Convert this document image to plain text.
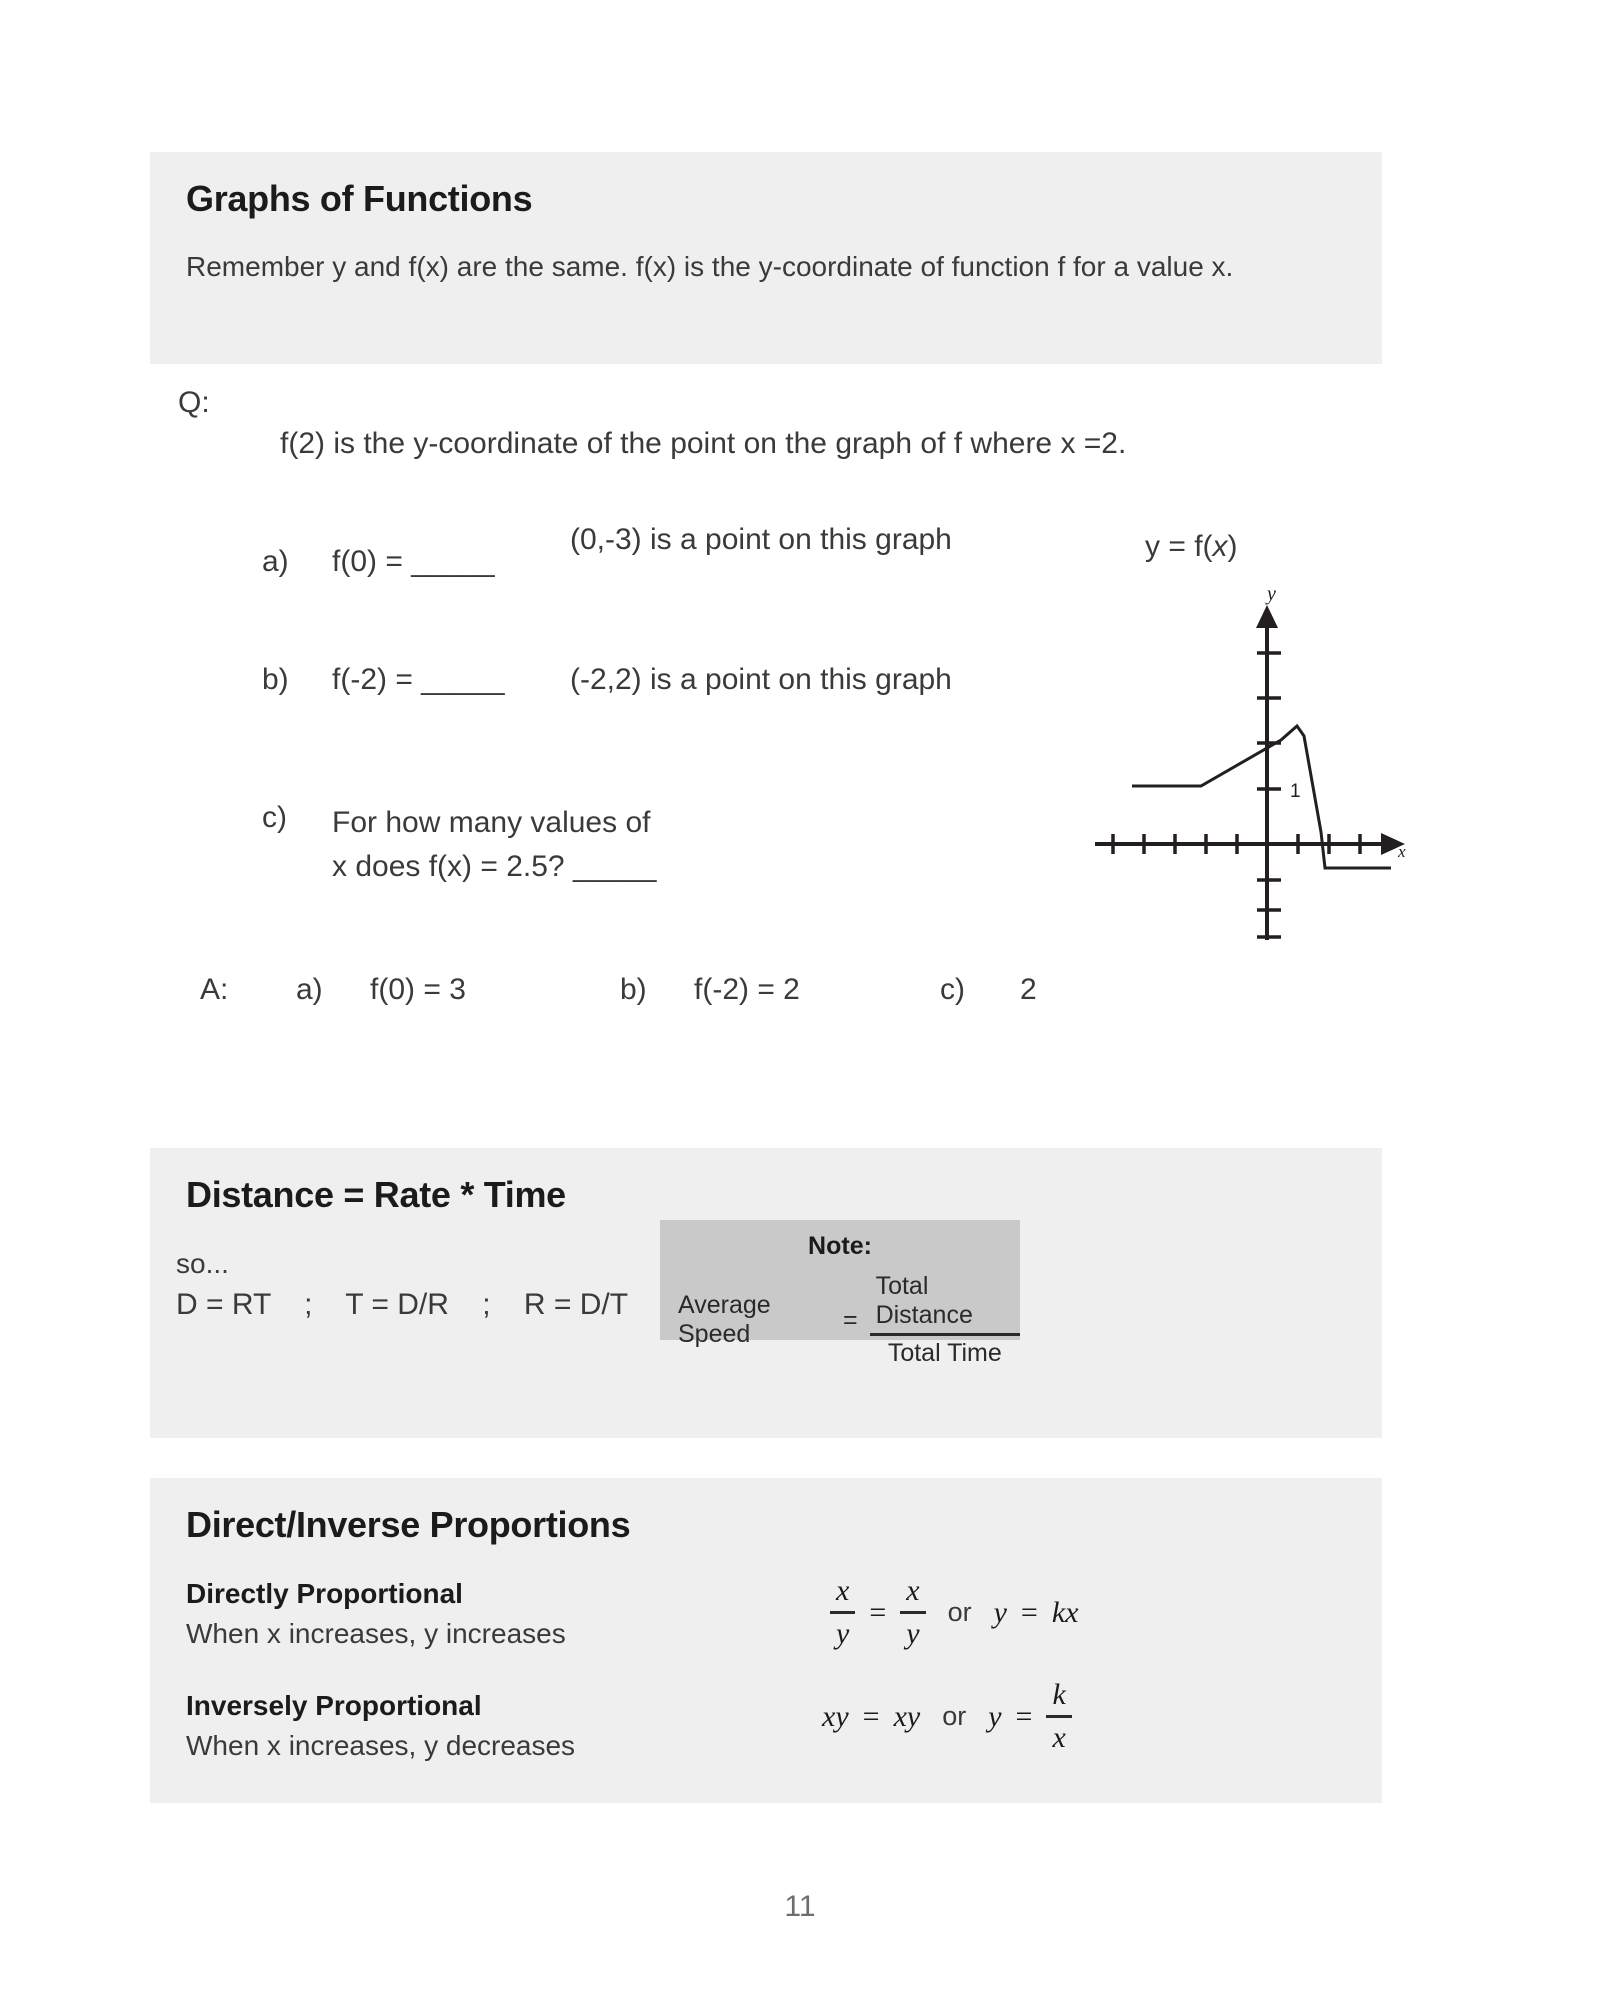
Graphs of Functions
Remember y and f(x) are the same. f(x) is the y-coordinate of function f for a value x.
Q:
f(2) is the y-coordinate of the point on the graph of f where x =2.
a) f(0) = _____
(0,-3) is a point on this graph
b) f(-2) = _____ (-2,2) is a point on this graph
c) For how many values of
x does f(x) = 2.5? _____
A: a) f(0) = 3	b) f(-2) = 2	c) 2
y = f(x)
y
x
1
Distance = Rate * Time
so...
D = RT    ;    T = D/R    ;    R = D/T
Note:
Average Speed
= $\frac{\text{Total Distance}}{\text{Total Time}}$
Direct/Inverse Proportions
Directly Proportional
When x increases, y increases
Inversely Proportional
When x increases, y decreases
$\frac{x}{y} = \frac{x}{y}$ or y = kx
xy = xy or $y = \frac{k}{x}$
11
